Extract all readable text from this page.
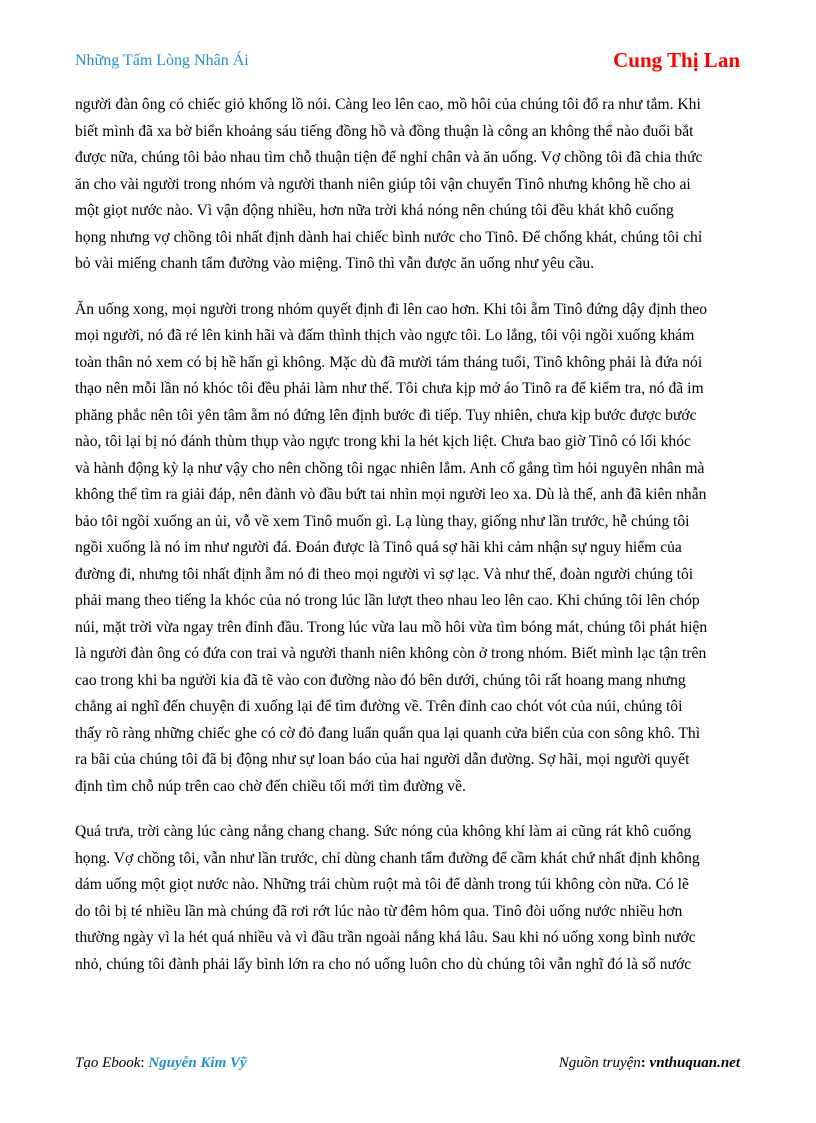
Những Tấm Lòng Nhân Ái	Cung Thị Lan

người đàn ông có chiếc giỏ khổng lồ nói. Càng leo lên cao, mồ hôi của chúng tôi đổ ra như tắm. Khi
biết mình đã xa bờ biển khoảng sáu tiếng đồng hồ và đồng thuận là công an không thể nào đuổi bắt
được nữa, chúng tôi bảo nhau tìm chỗ thuận tiện để nghỉ chân và ăn uống. Vợ chồng tôi đã chia thức
ăn cho vài người trong nhóm và người thanh niên giúp tôi vận chuyển Tinô nhưng không hề cho ai
một giọt nước nào. Vì vận động nhiều, hơn nữa trời khá nóng nên chúng tôi đều khát khô cuống
họng nhưng vợ chồng tôi nhất định dành hai chiếc bình nước cho Tinô. Để chống khát, chúng tôi chỉ
bỏ vài miếng chanh tẩm đường vào miệng. Tinô thì vẫn được ăn uống như yêu cầu.

Ăn uống xong, mọi người trong nhóm quyết định đi lên cao hơn. Khi tôi ẵm Tinô đứng dậy định theo
mọi người, nó đã ré lên kinh hãi và đấm thình thịch vào ngực tôi. Lo lắng, tôi vội ngồi xuống khám
toàn thân nó xem có bị hề hấn gì không. Mặc dù đã mười tám tháng tuổi, Tinô không phải là đứa nói
thạo nên mỗi lần nó khóc tôi đều phải làm như thế. Tôi chưa kịp mở áo Tinô ra để kiểm tra, nó đã im
phăng phắc nên tôi yên tâm ẵm nó đứng lên định bước đi tiếp. Tuy nhiên, chưa kịp bước được bước
nào, tôi lại bị nó đánh thùm thụp vào ngực trong khi la hét kịch liệt. Chưa bao giờ Tinô có lối khóc
và hành động kỳ lạ như vậy cho nên chồng tôi ngạc nhiên lắm. Anh cố gắng tìm hỏi nguyên nhân mà
không thể tìm ra giải đáp, nên đành vò đầu bứt tai nhìn mọi người leo xa. Dù là thế, anh đã kiên nhẫn
bảo tôi ngồi xuống an ủi, vỗ về xem Tinô muốn gì. Lạ lùng thay, giống như lần trước, hễ chúng tôi
ngồi xuống là nó im như người đá. Đoán được là Tinô quá sợ hãi khi cảm nhận sự nguy hiểm của
đường đi, nhưng tôi nhất định ẵm nó đi theo mọi người vì sợ lạc. Và như thế, đoàn người chúng tôi
phải mang theo tiếng la khóc của nó trong lúc lần lượt theo nhau leo lên cao. Khi chúng tôi lên chóp
núi, mặt trời vừa ngay trên đỉnh đầu. Trong lúc vừa lau mồ hôi vừa tìm bóng mát, chúng tôi phát hiện
là người đàn ông có đứa con trai và người thanh niên không còn ở trong nhóm. Biết mình lạc tận trên
cao trong khi ba người kia đã tẽ vào con đường nào đó bên dưới, chúng tôi rất hoang mang nhưng
chẳng ai nghĩ đến chuyện đi xuống lại để tìm đường về. Trên đỉnh cao chót vót của núi, chúng tôi
thấy rõ ràng những chiếc ghe có cờ đỏ đang luẩn quẩn qua lại quanh cửa biển của con sông khô. Thì
ra bãi của chúng tôi đã bị động như sự loan báo của hai người dẫn đường. Sợ hãi, mọi người quyết
định tìm chỗ núp trên cao chờ đến chiều tối mới tìm đường về.

Quá trưa, trời càng lúc càng nắng chang chang. Sức nóng của không khí làm ai cũng rát khô cuống
họng. Vợ chồng tôi, vẫn như lần trước, chỉ dùng chanh tẩm đường để cầm khát chứ nhất định không
dám uống một giọt nước nào. Những trái chùm ruột mà tôi để dành trong túi không còn nữa. Có lẽ
do tôi bị té nhiều lần mà chúng đã rơi rớt lúc nào từ đêm hôm qua. Tinô đòi uống nước nhiều hơn
thường ngày vì la hét quá nhiều và vì đầu trần ngoài nắng khá lâu. Sau khi nó uống xong bình nước
nhỏ, chúng tôi đành phải lấy bình lớn ra cho nó uống luôn cho dù chúng tôi vẫn nghĩ đó là số nước

Tạo Ebook: Nguyễn Kim Vỹ	Nguồn truyện: vnthuquan.net
